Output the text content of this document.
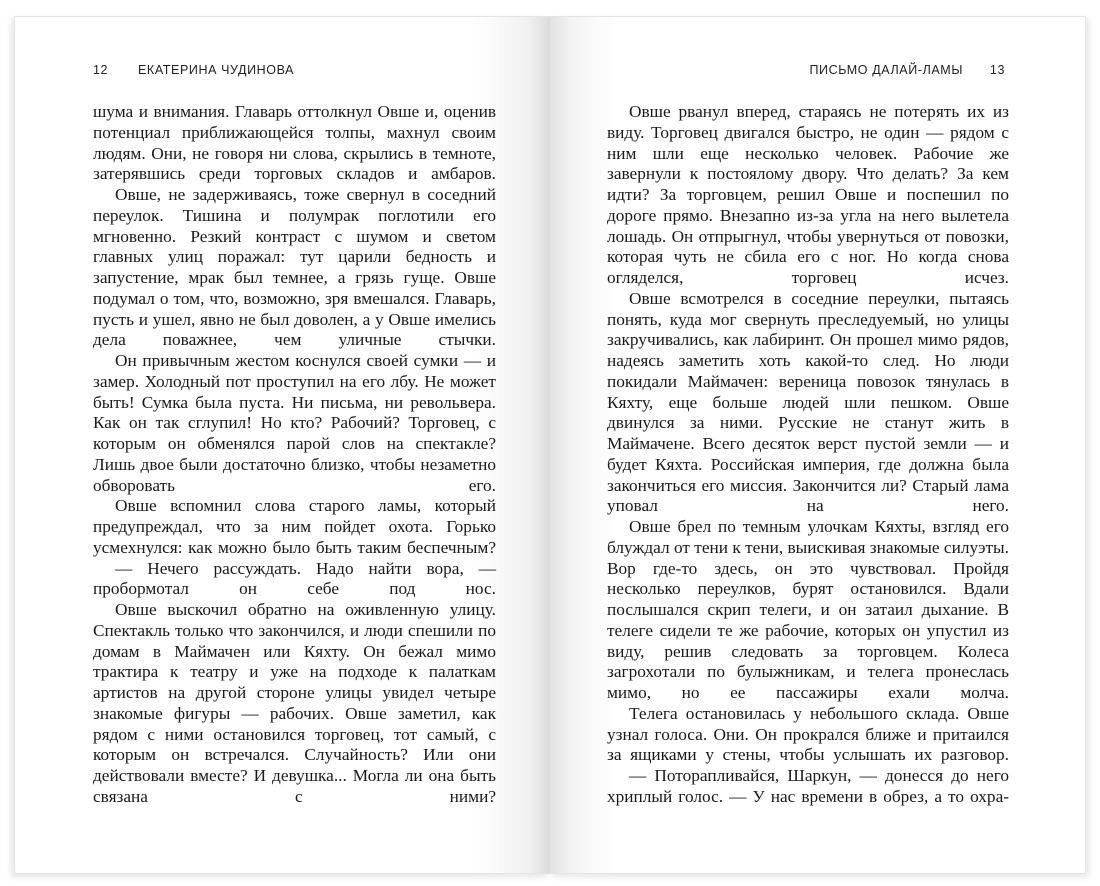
12 ЕКАТЕРИНА ЧУДИНОВА

шума и внимания. Главарь оттолкнул Овше и, оценив потенциал приближающейся толпы, махнул своим людям. Они, не говоря ни слова, скрылись в темноте, затерявшись среди торговых складов и амбаров.

Овше, не задерживаясь, тоже свернул в соседний переулок. Тишина и полумрак поглотили его мгновенно. Резкий контраст с шумом и светом главных улиц поражал: тут царили бедность и запустение, мрак был темнее, а грязь гуще. Овше подумал о том, что, возможно, зря вмешался. Главарь, пусть и ушел, явно не был доволен, а у Овше имелись дела поважнее, чем уличные стычки.

Он привычным жестом коснулся своей сумки — и замер. Холодный пот проступил на его лбу. Не может быть! Сумка была пуста. Ни письма, ни револьвера. Как он так сглупил! Но кто? Рабочий? Торговец, с которым он обменялся парой слов на спектакле? Лишь двое были достаточно близко, чтобы незаметно обворовать его.

Овше вспомнил слова старого ламы, который предупреждал, что за ним пойдет охота. Горько усмехнулся: как можно было быть таким беспечным?

— Нечего рассуждать. Надо найти вора, — пробормотал он себе под нос.

Овше выскочил обратно на оживленную улицу. Спектакль только что закончился, и люди спешили по домам в Маймачен или Кяхту. Он бежал мимо трактира к театру и уже на подходе к палаткам артистов на другой стороне улицы увидел четыре знакомые фигуры — рабочих. Овше заметил, как рядом с ними остановился торговец, тот самый, с которым он встречался. Случайность? Или они действовали вместе? И девушка... Могла ли она быть связана с ними?

ПИСЬМО ДАЛАЙ-ЛАМЫ 13

Овше рванул вперед, стараясь не потерять их из виду. Торговец двигался быстро, не один — рядом с ним шли еще несколько человек. Рабочие же завернули к постоялому двору. Что делать? За кем идти? За торговцем, решил Овше и поспешил по дороге прямо. Внезапно из-за угла на него вылетела лошадь. Он отпрыгнул, чтобы увернуться от повозки, которая чуть не сбила его с ног. Но когда снова огляделся, торговец исчез.

Овше всмотрелся в соседние переулки, пытаясь понять, куда мог свернуть преследуемый, но улицы закручивались, как лабиринт. Он прошел мимо рядов, надеясь заметить хоть какой-то след. Но люди покидали Маймачен: вереница повозок тянулась в Кяхту, еще больше людей шли пешком. Овше двинулся за ними. Русские не станут жить в Маймачене. Всего десяток верст пустой земли — и будет Кяхта. Российская империя, где должна была закончиться его миссия. Закончится ли? Старый лама уповал на него.

Овше брел по темным улочкам Кяхты, взгляд его блуждал от тени к тени, выискивая знакомые силуэты. Вор где-то здесь, он это чувствовал. Пройдя несколько переулков, бурят остановился. Вдали послышался скрип телеги, и он затаил дыхание. В телеге сидели те же рабочие, которых он упустил из виду, решив следовать за торговцем. Колеса загрохотали по булыжникам, и телега пронеслась мимо, но ее пассажиры ехали молча.

Телега остановилась у небольшого склада. Овше узнал голоса. Они. Он прокрался ближе и притаился за ящиками у стены, чтобы услышать их разговор.

— Поторапливайся, Шаркун, — донесся до него хриплый голос. — У нас времени в обрез, а то охра-
